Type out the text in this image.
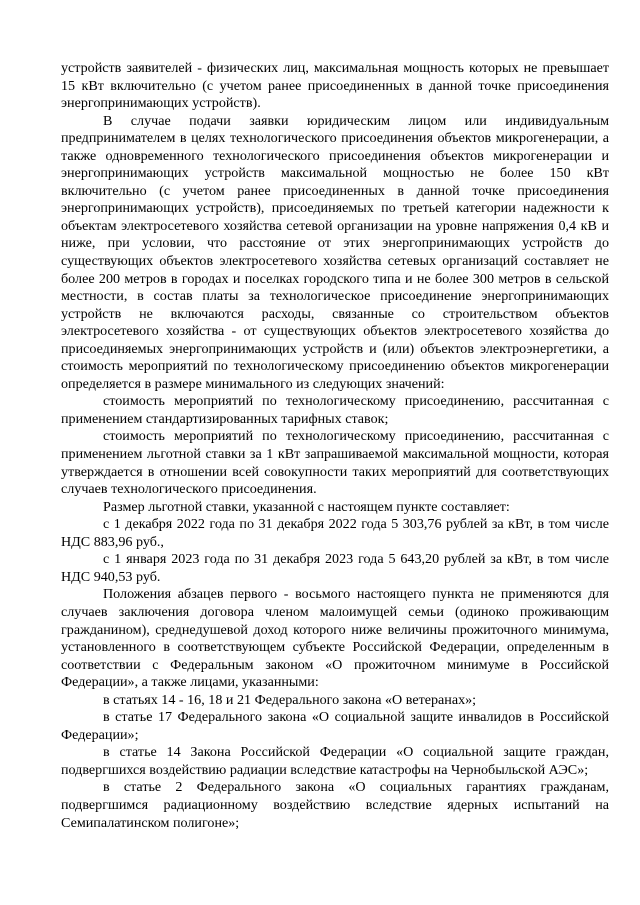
устройств заявителей - физических лиц, максимальная мощность которых не превышает 15 кВт включительно (с учетом ранее присоединенных в данной точке присоединения энергопринимающих устройств).

В случае подачи заявки юридическим лицом или индивидуальным предпринимателем в целях технологического присоединения объектов микрогенерации, а также одновременного технологического присоединения объектов микрогенерации и энергопринимающих устройств максимальной мощностью не более 150 кВт включительно (с учетом ранее присоединенных в данной точке присоединения энергопринимающих устройств), присоединяемых по третьей категории надежности к объектам электросетевого хозяйства сетевой организации на уровне напряжения 0,4 кВ и ниже, при условии, что расстояние от этих энергопринимающих устройств до существующих объектов электросетевого хозяйства сетевых организаций составляет не более 200 метров в городах и поселках городского типа и не более 300 метров в сельской местности, в состав платы за технологическое присоединение энергопринимающих устройств не включаются расходы, связанные со строительством объектов электросетевого хозяйства - от существующих объектов электросетевого хозяйства до присоединяемых энергопринимающих устройств и (или) объектов электроэнергетики, а стоимость мероприятий по технологическому присоединению объектов микрогенерации определяется в размере минимального из следующих значений:

стоимость мероприятий по технологическому присоединению, рассчитанная с применением стандартизированных тарифных ставок;

стоимость мероприятий по технологическому присоединению, рассчитанная с применением льготной ставки за 1 кВт запрашиваемой максимальной мощности, которая утверждается в отношении всей совокупности таких мероприятий для соответствующих случаев технологического присоединения.

Размер льготной ставки, указанной с настоящем пункте составляет:

с 1 декабря 2022 года по 31 декабря 2022 года 5 303,76 рублей за кВт, в том числе НДС 883,96 руб.,

с 1 января 2023 года по 31 декабря 2023 года 5 643,20 рублей за кВт, в том числе НДС 940,53 руб.

Положения абзацев первого - восьмого настоящего пункта не применяются для случаев заключения договора членом малоимущей семьи (одиноко проживающим гражданином), среднедушевой доход которого ниже величины прожиточного минимума, установленного в соответствующем субъекте Российской Федерации, определенным в соответствии с Федеральным законом «О прожиточном минимуме в Российской Федерации», а также лицами, указанными:

в статьях 14 - 16, 18 и 21 Федерального закона «О ветеранах»;

в статье 17 Федерального закона «О социальной защите инвалидов в Российской Федерации»;

в статье 14 Закона Российской Федерации «О социальной защите граждан, подвергшихся воздействию радиации вследствие катастрофы на Чернобыльской АЭС»;

в статье 2 Федерального закона «О социальных гарантиях гражданам, подвергшимся радиационному воздействию вследствие ядерных испытаний на Семипалатинском полигоне»;
